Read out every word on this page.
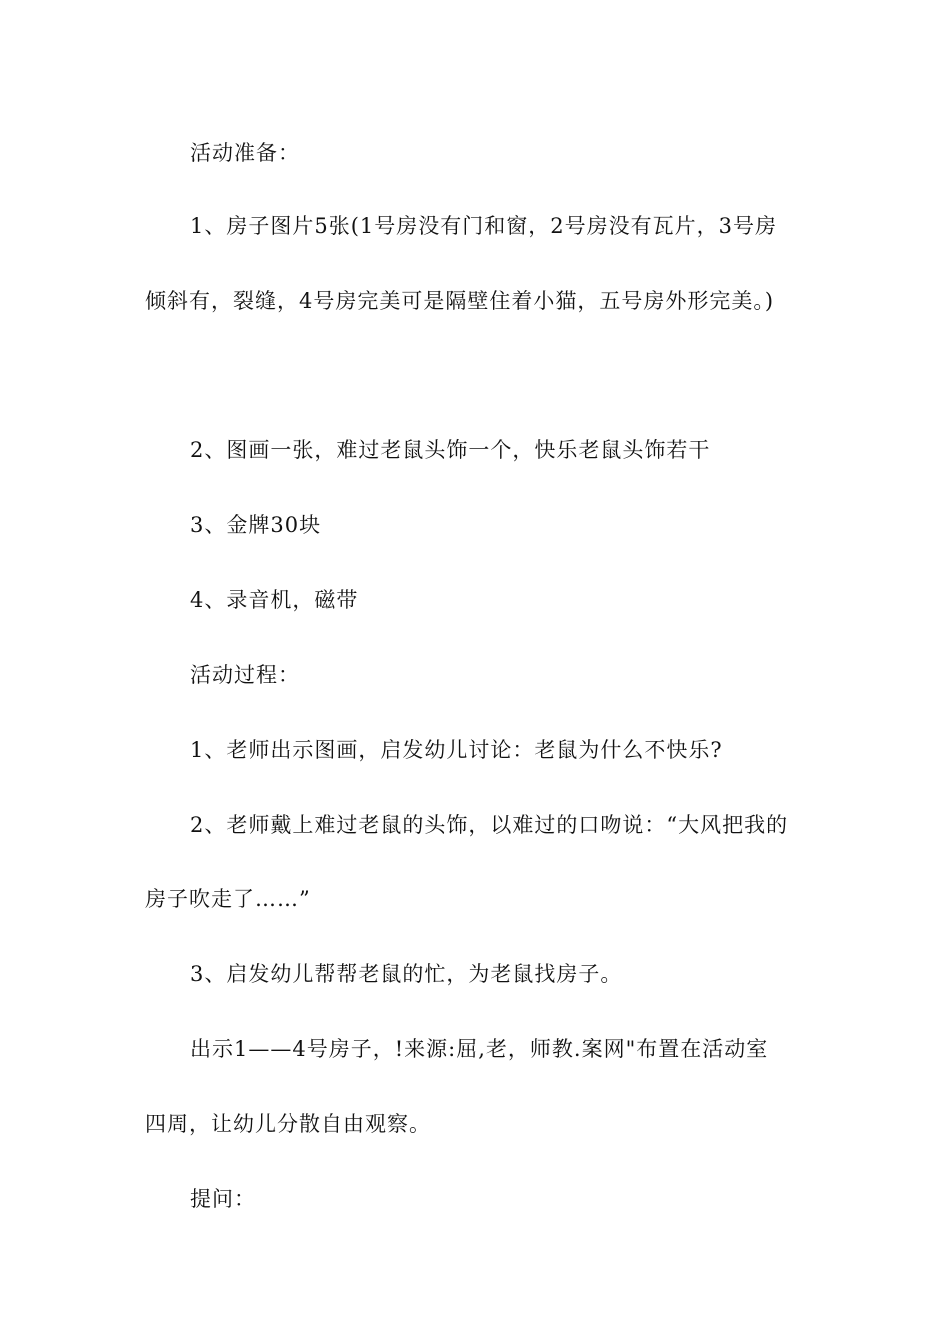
活动准备：
1、房子图片5张(1号房没有门和窗，2号房没有瓦片，3号房
倾斜有，裂缝，4号房完美可是隔壁住着小猫，五号房外形完美。)
2、图画一张，难过老鼠头饰一个，快乐老鼠头饰若干
3、金牌30块
4、录音机，磁带
活动过程：
1、老师出示图画，启发幼儿讨论：老鼠为什么不快乐?
2、老师戴上难过老鼠的头饰，以难过的口吻说：“大风把我的
房子吹走了……”
3、启发幼儿帮帮老鼠的忙，为老鼠找房子。
出示1——4号房子，!来源:屈,老，师教.案网"布置在活动室
四周，让幼儿分散自由观察。
提问：
